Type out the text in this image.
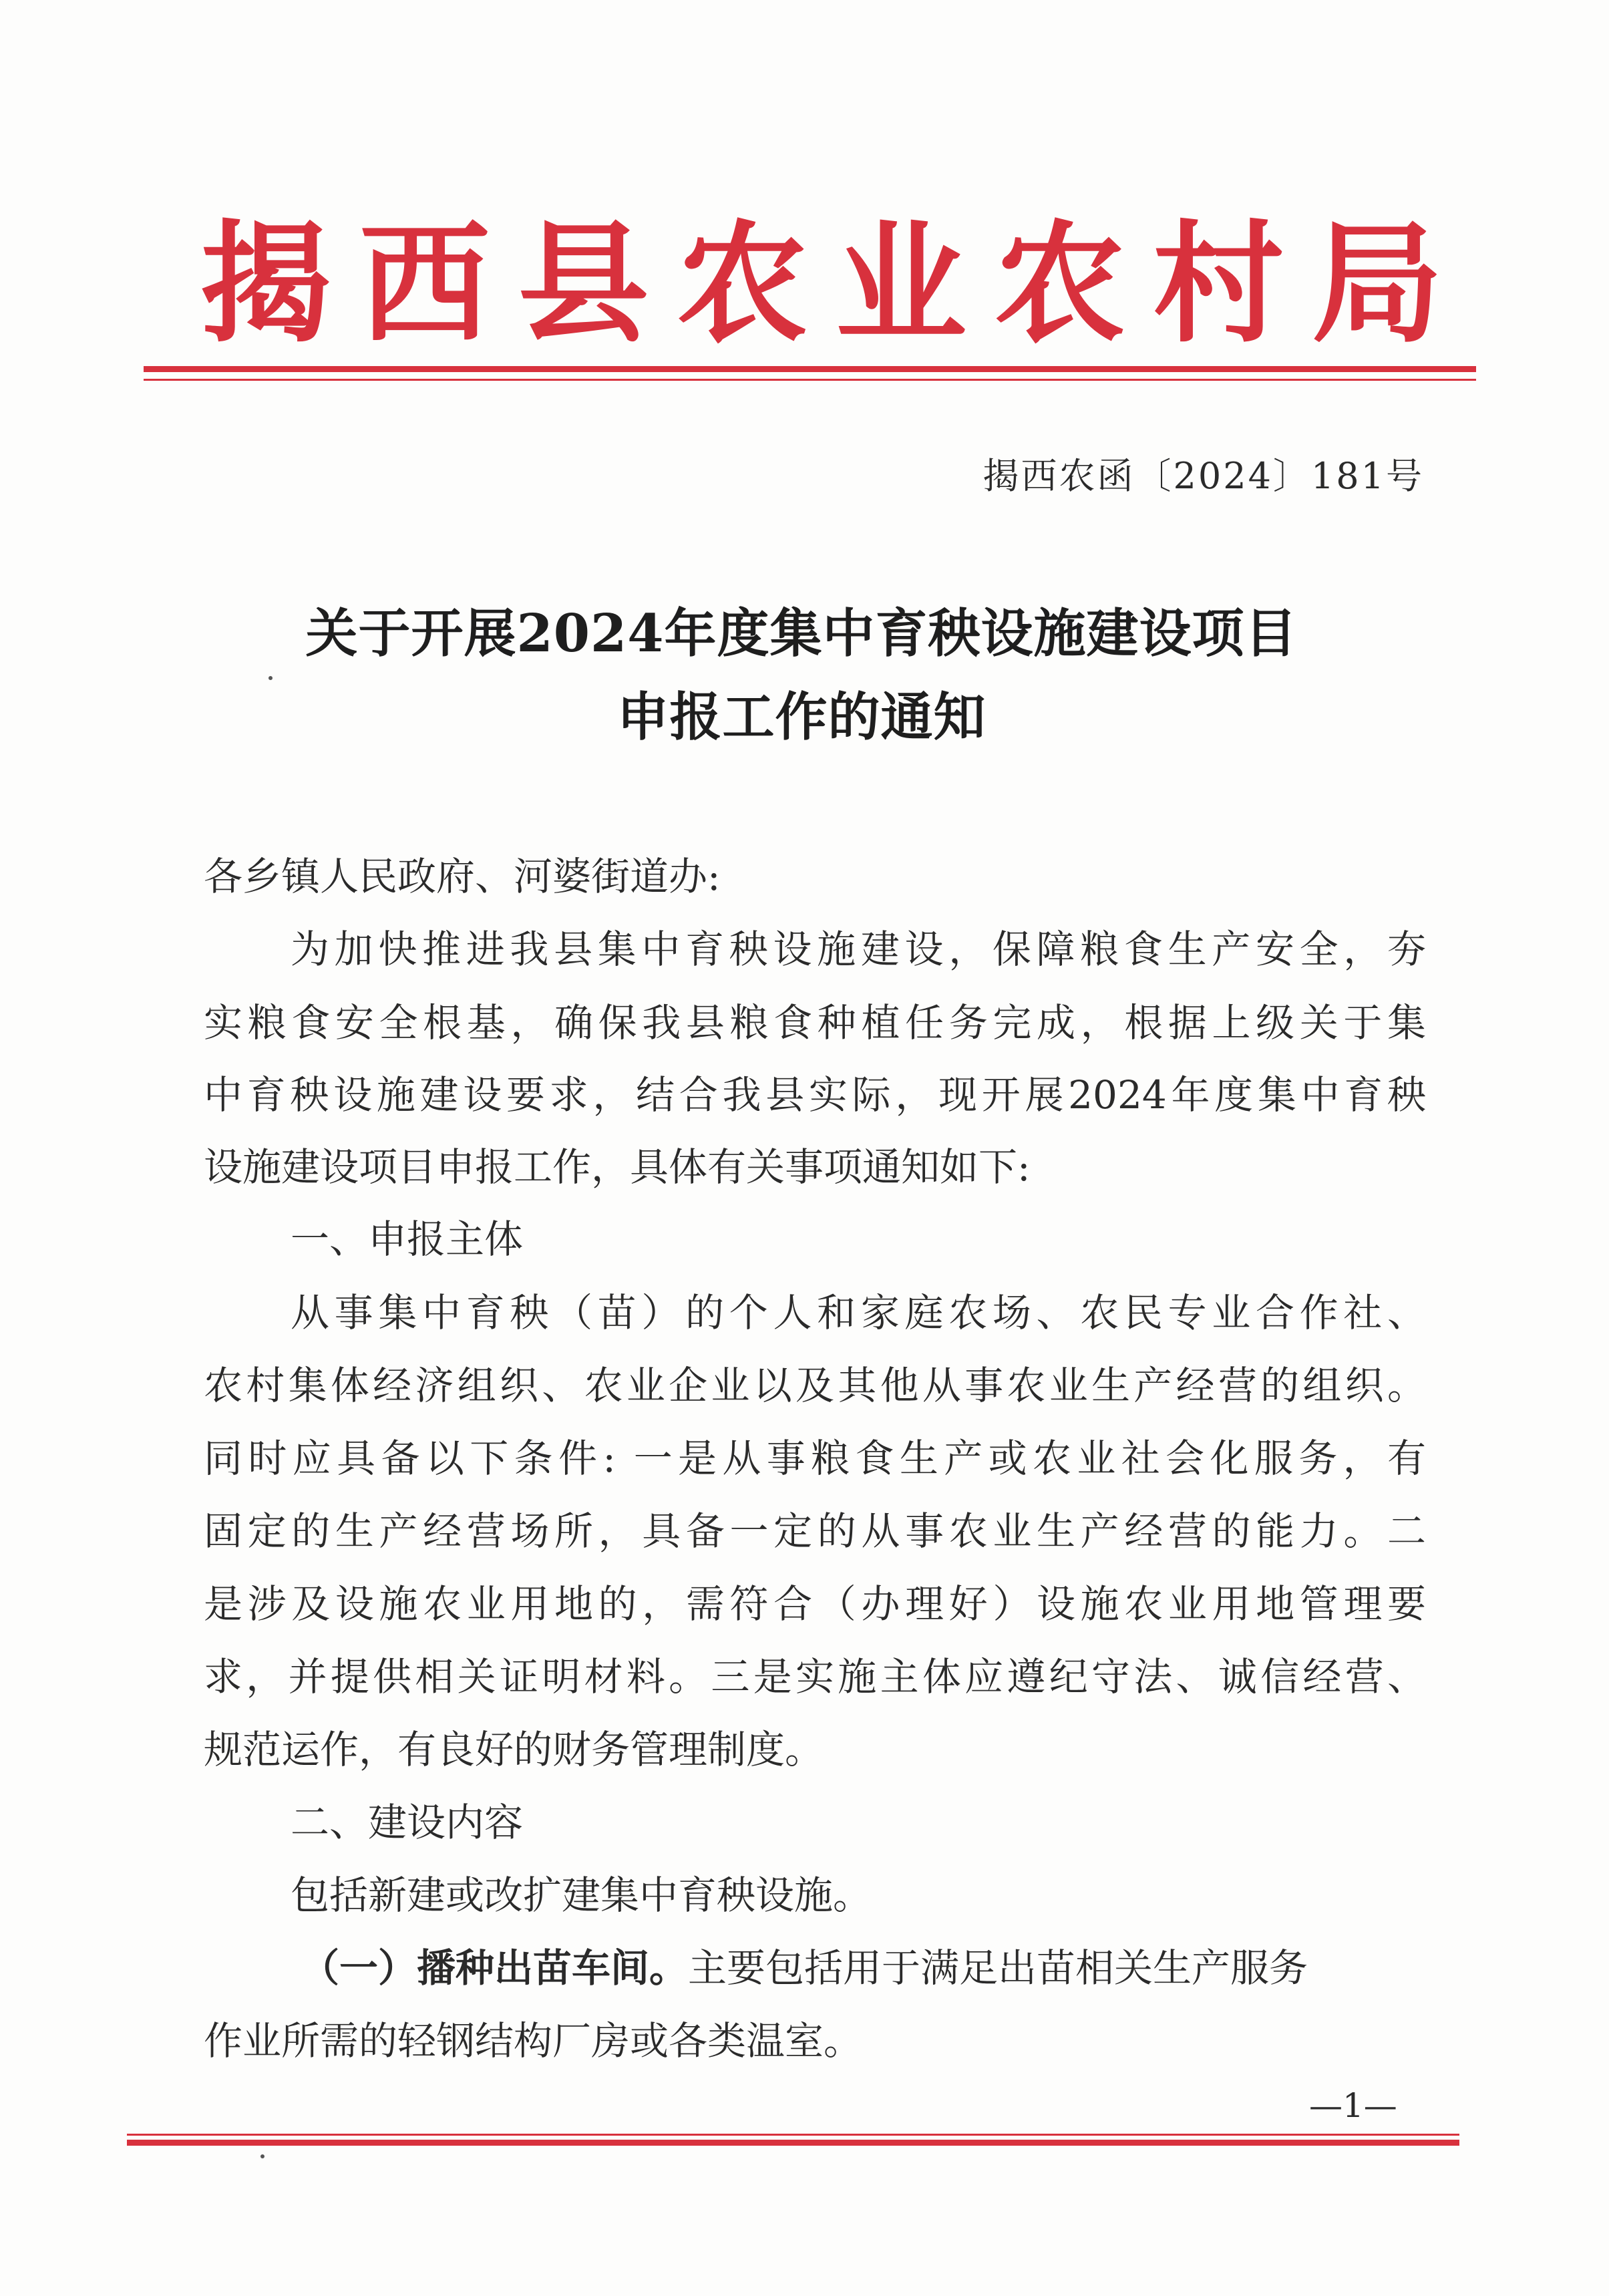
揭 西 县 农 业 农 村 局
揭西农函〔2024〕181号
关于开展2024年度集中育秧设施建设项目
申报工作的通知
各乡镇人民政府、河婆街道办:
为加快推进我县集中育秧设施建设，保障粮食生产安全，夯
实粮食安全根基，确保我县粮食种植任务完成，根据上级关于集
中育秧设施建设要求，结合我县实际，现开展2024年度集中育秧
设施建设项目申报工作，具体有关事项通知如下:
一、申报主体
从事集中育秧（苗）的个人和家庭农场、农民专业合作社、
农村集体经济组织、农业企业以及其他从事农业生产经营的组织。
同时应具备以下条件: 一是从事粮食生产或农业社会化服务，有
固定的生产经营场所，具备一定的从事农业生产经营的能力。二
是涉及设施农业用地的，需符合（办理好）设施农业用地管理要
求，并提供相关证明材料。三是实施主体应遵纪守法、诚信经营、
规范运作，有良好的财务管理制度。
二、建设内容
包括新建或改扩建集中育秧设施。
（一）播种出苗车间。主要包括用于满足出苗相关生产服务
作业所需的轻钢结构厂房或各类温室。
—1—
